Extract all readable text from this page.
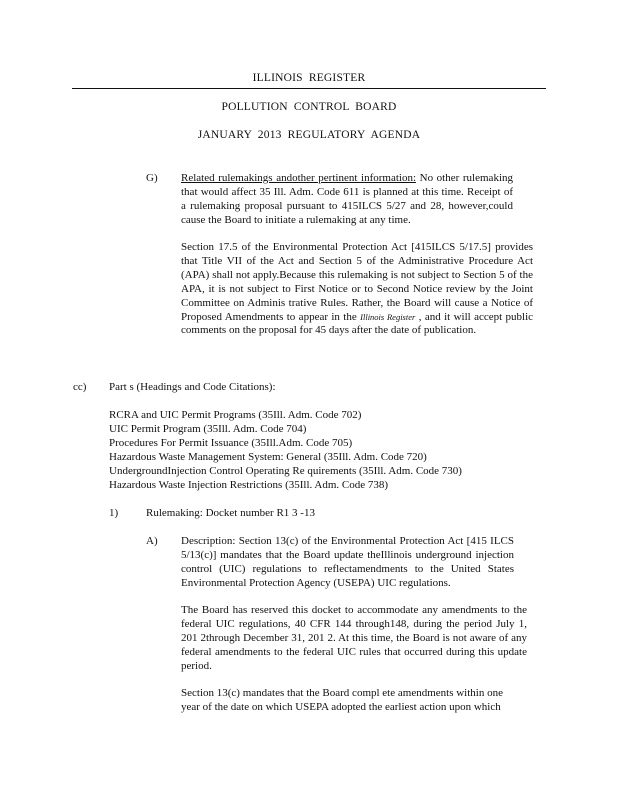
ILLINOIS REGISTER
POLLUTION CONTROL BOARD
JANUARY 2013 REGULATORY AGENDA
G) Related rulemakings andother pertinent information: No other rulemaking that would affect 35 Ill. Adm. Code 611 is planned at this time. Receipt of a rulemaking proposal pursuant to 415ILCS 5/27 and 28, however,could cause the Board to initiate a rulemaking at any time.
Section 17.5 of the Environmental Protection Act [415ILCS 5/17.5] provides that Title VII of the Act and Section 5 of the Administrative Procedure Act (APA) shall not apply.Because this rulemaking is not subject to Section 5 of the APA, it is not subject to First Notice or to Second Notice review by the Joint Committee on Adminis trative Rules. Rather, the Board will cause a Notice of Proposed Amendments to appear in the Illinois Register , and it will accept public comments on the proposal for 45 days after the date of publication.
cc) Part s (Headings and Code Citations):
RCRA and UIC Permit Programs (35Ill. Adm. Code 702)
UIC Permit Program (35Ill. Adm. Code 704)
Procedures For Permit Issuance (35Ill.Adm. Code 705)
Hazardous Waste Management System: General (35Ill. Adm. Code 720)
UndergroundInjection Control Operating Re quirements (35Ill. Adm. Code 730)
Hazardous Waste Injection Restrictions (35Ill. Adm. Code 738)
1)	Rulemaking: Docket number R1 3 -13
A) Description: Section 13(c) of the Environmental Protection Act [415 ILCS 5/13(c)] mandates that the Board update theIllinois underground injection control (UIC) regulations to reflectamendments to the United States Environmental Protection Agency (USEPA) UIC regulations.
The Board has reserved this docket to accommodate any amendments to the federal UIC regulations, 40 CFR 144 through148, during the period July 1, 201 2through December 31, 201 2. At this time, the Board is not aware of any federal amendments to the federal UIC rules that occurred during this update period.
Section 13(c) mandates that the Board compl ete amendments within one
year of the date on which USEPA adopted the earliest action upon which
